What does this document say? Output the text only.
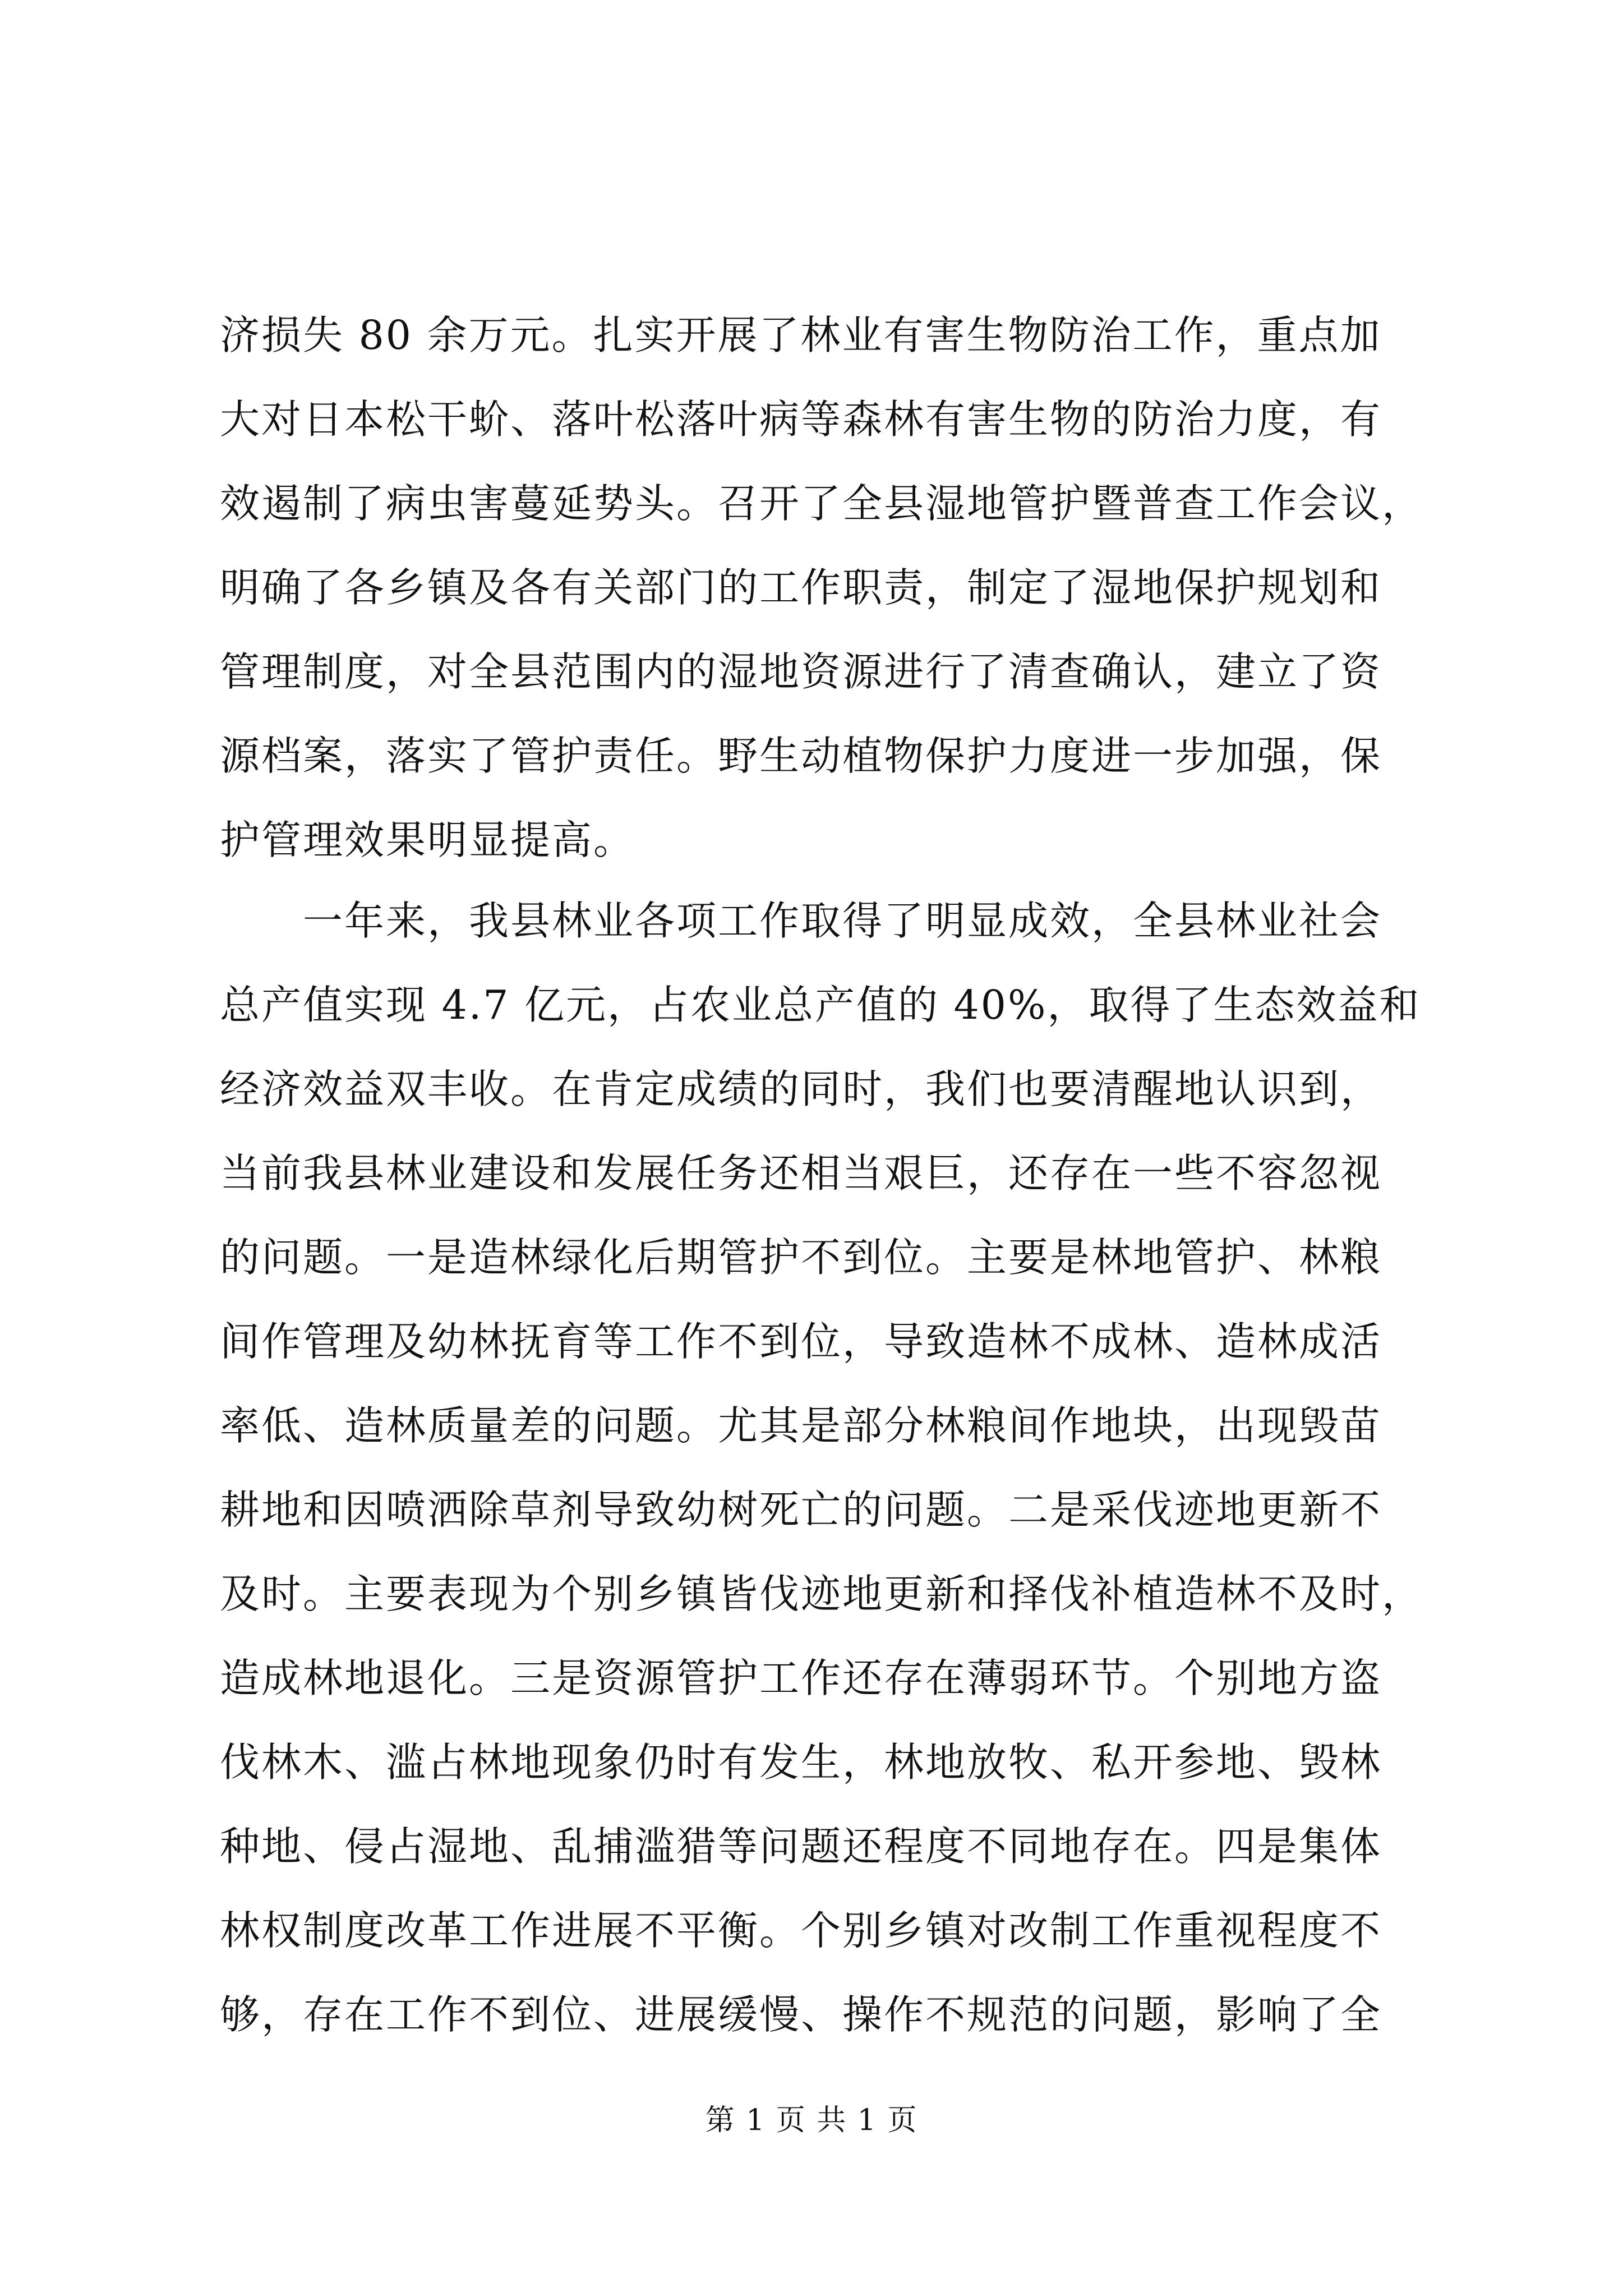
济损失 80 余万元。扎实开展了林业有害生物防治工作，重点加
大对日本松干蚧、落叶松落叶病等森林有害生物的防治力度，有
效遏制了病虫害蔓延势头。召开了全县湿地管护暨普查工作会议，
明确了各乡镇及各有关部门的工作职责，制定了湿地保护规划和
管理制度，对全县范围内的湿地资源进行了清查确认，建立了资
源档案，落实了管护责任。野生动植物保护力度进一步加强，保
护管理效果明显提高。
一年来，我县林业各项工作取得了明显成效，全县林业社会
总产值实现 4.7 亿元，占农业总产值的 40%，取得了生态效益和
经济效益双丰收。在肯定成绩的同时，我们也要清醒地认识到，
当前我县林业建设和发展任务还相当艰巨，还存在一些不容忽视
的问题。一是造林绿化后期管护不到位。主要是林地管护、林粮
间作管理及幼林抚育等工作不到位，导致造林不成林、造林成活
率低、造林质量差的问题。尤其是部分林粮间作地块，出现毁苗
耕地和因喷洒除草剂导致幼树死亡的问题。二是采伐迹地更新不
及时。主要表现为个别乡镇皆伐迹地更新和择伐补植造林不及时，
造成林地退化。三是资源管护工作还存在薄弱环节。个别地方盗
伐林木、滥占林地现象仍时有发生，林地放牧、私开参地、毁林
种地、侵占湿地、乱捕滥猎等问题还程度不同地存在。四是集体
林权制度改革工作进展不平衡。个别乡镇对改制工作重视程度不
够，存在工作不到位、进展缓慢、操作不规范的问题，影响了全
第 1 页 共 1 页
